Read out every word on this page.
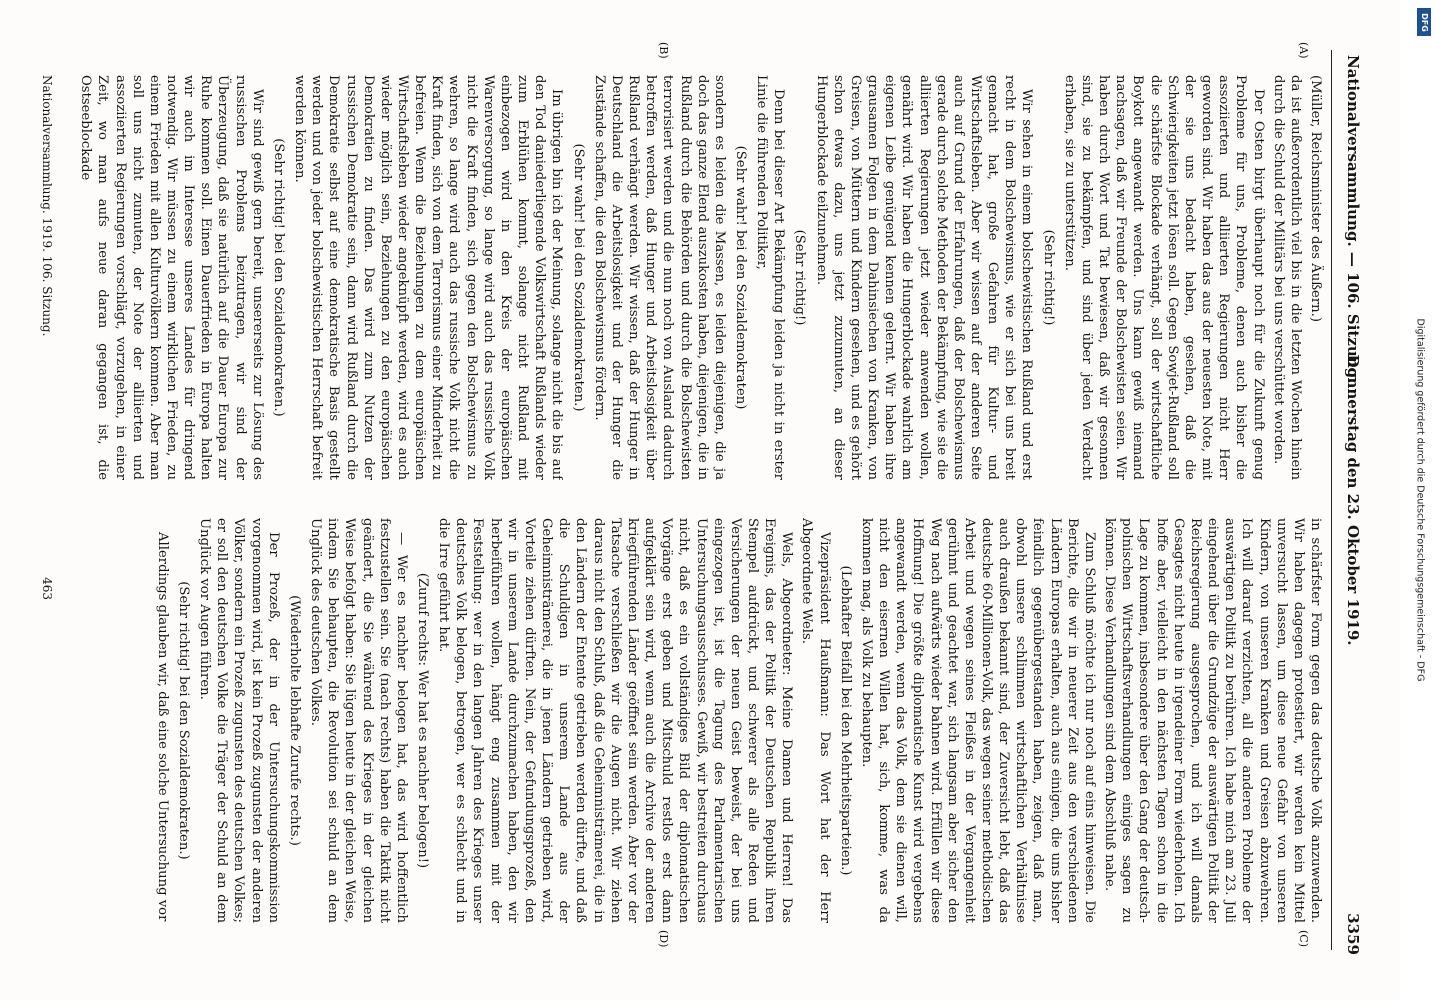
Nationalversammlung. — 106. Sitzung.
Donnerstag den 23. Oktober 1919.
3359
(A)
(B)
(C)
(D)

(Müller, Reichsminister des Äußern.)

da ist außerordentlich viel bis in die letzten Wochen hinein durch die Schuld der Militärs bei uns verschüttet worden.

Der Osten birgt überhaupt noch für die Zukunft genug Probleme für uns, Probleme, denen auch bisher die assoziierten und alliierten Regierungen nicht Herr geworden sind. Wir haben das aus der neuesten Note, mit der sie uns bedacht haben, gesehen, daß die Schwierigkeiten jetzt lösen soll. Gegen Sowjet-Rußland soll die schärfste Blockade verhängt, soll der wirtschaftliche Boykott angewandt werden. Uns kann gewiß niemand nachsagen, daß wir Freunde der Bolschewisten seien. Wir haben durch Wort und Tat bewiesen, daß wir gesonnen sind, sie zu bekämpfen, und sind über jeden Verdacht erhaben, sie zu unterstützen.

(Sehr richtig!)

Wir sehen in einem bolschewistischen Rußland und erst recht in dem Bolschewismus, wie er sich bei uns breit gemacht hat, große Gefahren für Kultur- und Wirtschaftsleben. Aber wir wissen auf der anderen Seite auch auf Grund der Erfahrungen, daß der Bolschewismus gerade durch solche Methoden der Bekämpfung, wie sie die alliierten Regierungen jetzt wieder anwenden wollen, genährt wird. Wir haben die Hungerblockade wahrlich am eigenen Leibe genügend kennen gelernt. Wir haben ihre grausamen Folgen in dem Dahinsiechen von Kranken, von Greisen, von Müttern und Kindern gesehen, und es gehört schon etwas dazu, uns jetzt zuzumuten, an dieser Hungerblockade teilzunehmen.

(Sehr richtig!)

Denn bei dieser Art Bekämpfung leiden ja nicht in erster Linie die führenden Politiker,

(Sehr wahr! bei den Sozialdemokraten)

sondern es leiden die Massen, es leiden diejenigen, die ja doch das ganze Elend auszukosten haben, diejenigen, die in Rußland durch die Behörden und durch die Bolschewisten terrorisiert werden und die nun noch von Ausland dadurch betroffen werden, daß Hunger und Arbeitslosigkeit über Rußland verhängt werden. Wir wissen, daß der Hunger in Deutschland die Arbeitslosigkeit und der Hunger die Zustände schaffen, die den Bolschewismus fördern.

(Sehr wahr! bei den Sozialdemokraten.)

Im übrigen bin ich der Meinung, solange nicht die bis auf den Tod daniederliegende Volkswirtschaft Rußlands wieder zum Erblühen kommt, solange nicht Rußland mit einbezogen wird in den Kreis der europäischen Warenversorgung, so lange wird auch das russische Volk nicht die Kraft finden, sich gegen den Bolschewismus zu wehren, so lange wird auch das russische Volk nicht die Kraft finden, sich von dem Terrorismus einer Minderheit zu befreien. Wenn die Beziehungen zu dem europäischen Wirtschaftsleben wieder angeknüpft werden, wird es auch wieder möglich sein, Beziehungen zu den europäischen Demokratien zu finden. Das wird zum Nutzen der russischen Demokratie sein, dann wird Rußland durch die Demokratie selbst auf eine demokratische Basis gestellt werden und von jeder bolschewistischen Herrschaft befreit werden können.

(Sehr richtig! bei den Sozialdemokraten.)

Wir sind gewiß gern bereit, unsererseits zur Lösung des russischen Problems beizutragen, wir sind der Überzeugung, daß sie natürlich auf die Dauer Europa zur Ruhe kommen soll. Einen Dauerfrieden in Europa halten wir auch im Interesse unseres Landes für dringend notwendig. Wir müssen zu einem wirklichen Frieden, zu einem Frieden mit allen Kulturvölkern kommen. Aber man soll uns nicht zumuten, der Note der alliierten und assoziierten Regierungen vorschlägt, vorzugehen, in einer Zeit, wo man aufs neue daran gegangen ist, die Ostseeblockade

in schärfster Form gegen das deutsche Volk anzuwenden. Wir haben dagegen protestiert, wir werden kein Mittel unversucht lassen, um diese neue Gefahr von unseren Kindern, von unseren Kranken und Greisen abzuwehren. Ich will darauf verzichten, all die anderen Probleme der auswärtigen Politik zu berühren. Ich habe mich am 23. Juli eingehend über die Grundzüge der auswärtigen Politik der Reichsregierung ausgesprochen, und ich will damals Gesagtes nicht heute in irgendeiner Form wiederholen. Ich hoffe aber, vielleicht in den nächsten Tagen schon in die Lage zu kommen, insbesondere über den Gang der deutsch-polnischen Wirtschaftsverhandlungen einiges sagen zu können. Diese Verhandlungen sind dem Abschluß nahe.

Zum Schluß möchte ich nur noch auf eins hinweisen. Die Berichte, die wir in neuerer Zeit aus den verschiedenen Ländern Europas erhalten, auch aus einigen, die uns bisher feindlich gegenübergestanden haben, zeigen, daß man, obwohl unsere schlimmen wirtschaftlichen Verhältnisse auch draußen bekannt sind, der Zuversicht lebt, daß das deutsche 60-Millionen-Volk, das wegen seiner methodischen Arbeit und wegen seines Fleißes in der Vergangenheit gerühmt und geachtet war, sich langsam aber sicher den Weg nach aufwärts wieder bahnen wird. Erfüllen wir diese Hoffnung! Die größte diplomatische Kunst wird vergebens angewandt werden, wenn das Volk, dem sie dienen will, nicht den eisernen Willen hat, sich, komme, was da kommen mag, als Volk zu behaupten.

(Lebhafter Beifall bei den Mehrheitsparteien.)

Vizepräsident Haußmann: Das Wort hat der Herr Abgeordnete Wels.

Wels, Abgeordneter: Meine Damen und Herren! Das Ereignis, das der Politik der Deutschen Republik ihren Stempel aufdrückt, und schwerer als alle Reden und Versicherungen der neuen Geist beweist, der bei uns eingezogen ist, ist die Tagung des Parlamentarischen Untersuchungsausschusses. Gewiß, wir bestreiten durchaus nicht, daß es ein vollständiges Bild der diplomatischen Vorgänge erst geben und Mitschuld restlos erst dann aufgeklärt sein wird, wenn auch die Archive der anderen kriegführenden Länder geöffnet sein werden. Aber vor der Tatsache verschließen wir die Augen nicht. Wir ziehen daraus nicht den Schluß, daß die Geheimnisträmerei, die in den Ländern der Entente getrieben werden dürfte, und daß die Schuldigen in unserem Lande aus der Geheimnisträmerei, die in jenen Ländern getrieben wird, Vorteile ziehen dürften. Nein, der Gefundungsprozeß, den wir in unserem Lande durchzumachen haben, den wir herbeiführen wollen, hängt eng zusammen mit der Feststellung: wer in den langen Jahren des Krieges unser deutsches Volk belogen, betrogen, wer es schlecht und in die Irre geführt hat.

(Zuruf rechts: Wer hat es nachher belogen!)

— Wer es nachher belogen hat, das wird hoffentlich festzustellen sein. Sie (nach rechts) haben die Taktik nicht geändert, die Sie während des Krieges in der gleichen Weise befolgt haben: Sie lügen heute in der gleichen Weise, indem Sie behaupten, die Revolution sei schuld an dem Unglück des deutschen Volkes.

(Wiederholte lebhafte Zurufe rechts.)

Der Prozeß, der in der Untersuchungskommission vorgenommen wird, ist kein Prozeß zugunsten der anderen Völker, sondern ein Prozeß zugunsten des deutschen Volkes; er soll den deutschen Volke die Träger der Schuld an dem Unglück vor Augen führen.

(Sehr richtig! bei den Sozialdemokraten.)

Allerdings glauben wir, daß eine solche Untersuchung vor

Nationalversammlung. 1919. 106. Sitzung.
463	Digitalisierung gefördert durch die Deutsche Forschungsgemeinschaft - DFG
DFG
